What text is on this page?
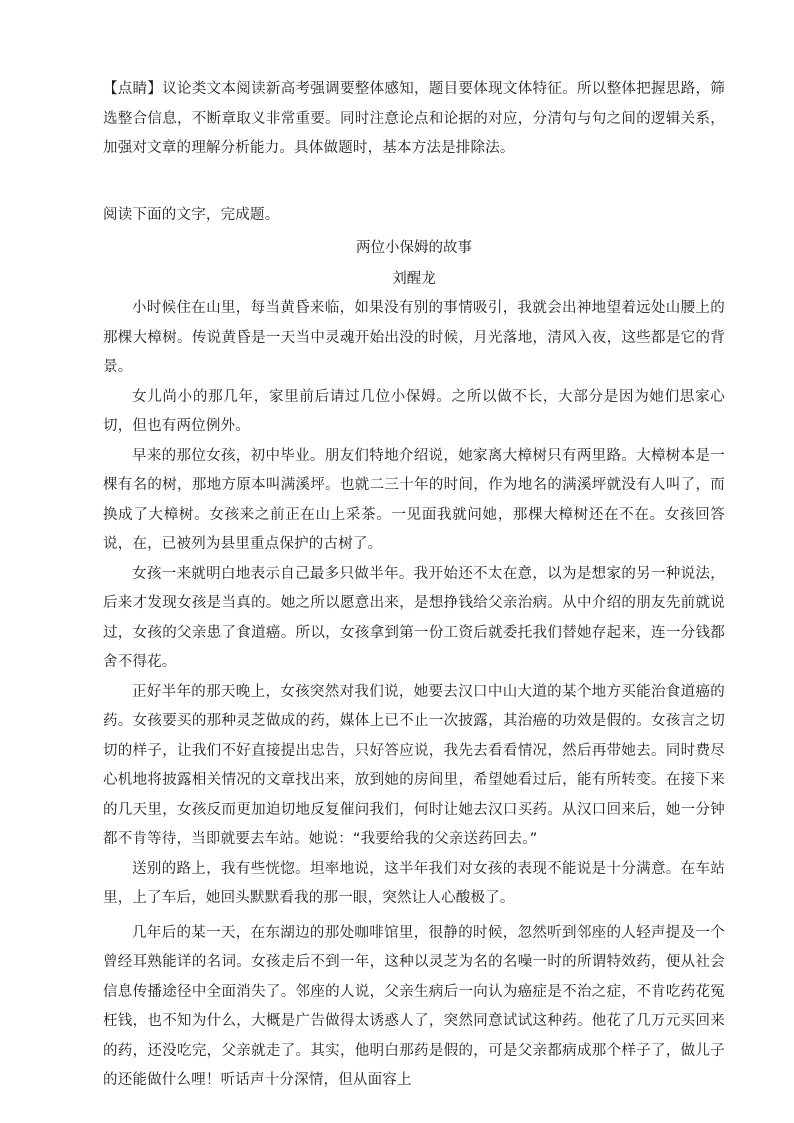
【点睛】议论类文本阅读新高考强调要整体感知，题目要体现文体特征。所以整体把握思路，筛选整合信息，不断章取义非常重要。同时注意论点和论据的对应，分清句与句之间的逻辑关系，加强对文章的理解分析能力。具体做题时，基本方法是排除法。
阅读下面的文字，完成题。
两位小保姆的故事
刘醒龙

小时候住在山里，每当黄昏来临，如果没有别的事情吸引，我就会出神地望着远处山腰上的那棵大樟树。传说黄昏是一天当中灵魂开始出没的时候，月光落地，清风入夜，这些都是它的背景。

女儿尚小的那几年，家里前后请过几位小保姆。之所以做不长，大部分是因为她们思家心切，但也有两位例外。

早来的那位女孩，初中毕业。朋友们特地介绍说，她家离大樟树只有两里路。大樟树本是一棵有名的树，那地方原本叫满溪坪。也就二三十年的时间，作为地名的满溪坪就没有人叫了，而换成了大樟树。女孩来之前正在山上采茶。一见面我就问她，那棵大樟树还在不在。女孩回答说，在，已被列为县里重点保护的古树了。

女孩一来就明白地表示自己最多只做半年。我开始还不太在意，以为是想家的另一种说法，后来才发现女孩是当真的。她之所以愿意出来，是想挣钱给父亲治病。从中介绍的朋友先前就说过，女孩的父亲患了食道癌。所以，女孩拿到第一份工资后就委托我们替她存起来，连一分钱都舍不得花。

正好半年的那天晚上，女孩突然对我们说，她要去汉口中山大道的某个地方买能治食道癌的药。女孩要买的那种灵芝做成的药，媒体上已不止一次披露，其治癌的功效是假的。女孩言之切切的样子，让我们不好直接提出忠告，只好答应说，我先去看看情况，然后再带她去。同时费尽心机地将披露相关情况的文章找出来，放到她的房间里，希望她看过后，能有所转变。在接下来的几天里，女孩反而更加迫切地反复催问我们，何时让她去汉口买药。从汉口回来后，她一分钟都不肯等待，当即就要去车站。她说：“我要给我的父亲送药回去。”

送别的路上，我有些恍惚。坦率地说，这半年我们对女孩的表现不能说是十分满意。在车站里，上了车后，她回头默默看我的那一眼，突然让人心酸极了。

几年后的某一天，在东湖边的那处咖啡馆里，很静的时候，忽然听到邻座的人轻声提及一个曾经耳熟能详的名词。女孩走后不到一年，这种以灵芝为名的名噪一时的所谓特效药，便从社会信息传播途径中全面消失了。邻座的人说，父亲生病后一向认为癌症是不治之症，不肯吃药花冤枉钱，也不知为什么，大概是广告做得太诱惑人了，突然同意试试这种药。他花了几万元买回来的药，还没吃完，父亲就走了。其实，他明白那药是假的，可是父亲都病成那个样子了，做儿子的还能做什么哩！听话声十分深情，但从面容上
